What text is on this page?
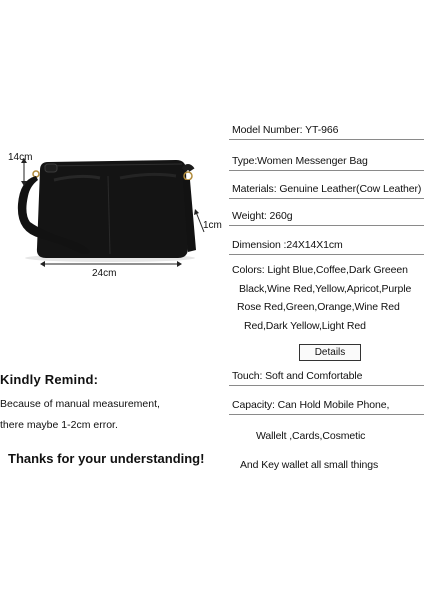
14cm
24cm
1cm
Model Number: YT-966
Type:Women Messenger Bag
Materials: Genuine Leather(Cow Leather)
Weight: 260g
Dimension :24X14X1cm
Colors: Light Blue,Coffee,Dark Greeen
Black,Wine Red,Yellow,Apricot,Purple
Rose Red,Green,Orange,Wine Red
Red,Dark Yellow,Light Red
Details
Touch: Soft and Comfortable
Capacity: Can Hold Mobile Phone,
Wallelt ,Cards,Cosmetic
And Key wallet all small things
Kindly Remind:
Because of manual measurement,
there maybe 1-2cm error.
Thanks for your understanding!
